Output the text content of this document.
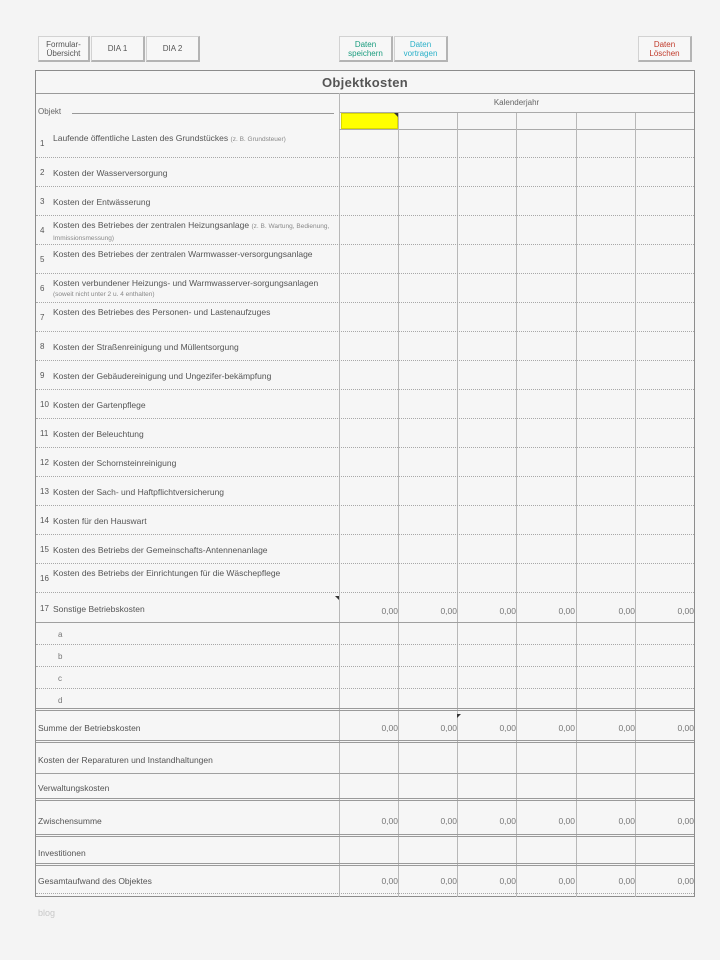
Formular-
Übersicht	DIA 1	DIA 2	Daten
speichern
Daten
vortragen
Daten
Löschen
Objektkosten
Objekt
Kalenderjahr
1 Laufende öffentliche Lasten des Grundstückes (z. B. Grundsteuer)
2 Kosten der Wasserversorgung
3 Kosten der Entwässerung
4 Kosten des Betriebes der zentralen Heizungsanlage (z. B. Wartung, Bedienung, Immissionsmessung)
5 Kosten des Betriebes der zentralen Warmwasser-versorgungsanlage
6 Kosten verbundener Heizungs- und Warmwasserver-sorgungsanlagen (soweit nicht unter 2 u. 4 enthalten)
7 Kosten des Betriebes des Personen- und Lastenaufzuges
8 Kosten der Straßenreinigung und Müllentsorgung
9 Kosten der Gebäudereinigung und Ungezifer-bekämpfung
10 Kosten der Gartenpflege
11 Kosten der Beleuchtung
12 Kosten der Schornsteinreinigung
13 Kosten der Sach- und Haftpflichtversicherung
14 Kosten für den Hauswart
15 Kosten des Betriebs der Gemeinschafts-Antennenanlage
16 Kosten des Betriebs der Einrichtungen für die Wäschepflege
17 Sonstige Betriebskosten	0,00	0,00	0,00	0,00	0,00	0,00
a
b
c
d
Summe der Betriebskosten	0,00	0,00	0,00	0,00	0,00	0,00
Kosten der Reparaturen und Instandhaltungen
Verwaltungskosten
Zwischensumme	0,00	0,00	0,00	0,00	0,00	0,00
Investitionen
Gesamtaufwand des Objektes	0,00	0,00	0,00	0,00	0,00	0,00
blog
